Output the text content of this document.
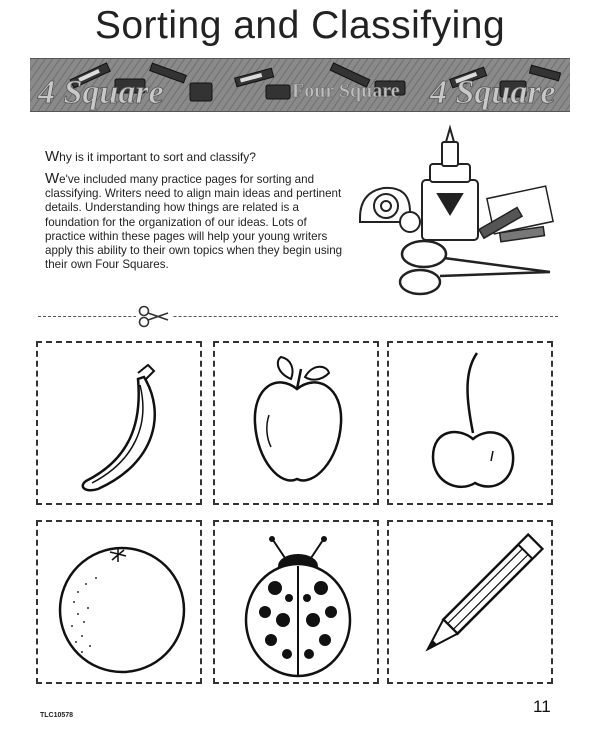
Sorting and Classifying
4 Square	Four Square 4 Square
Why is it important to sort and classify?
We've included many practice pages for sorting and classifying. Writers need to align main ideas and pertinent details. Understanding how things are related is a foundation for the organization of our ideas. Lots of practice within these pages will help your young writers apply this ability to their own topics when they begin using their own Four Squares.
TLC10578	11
